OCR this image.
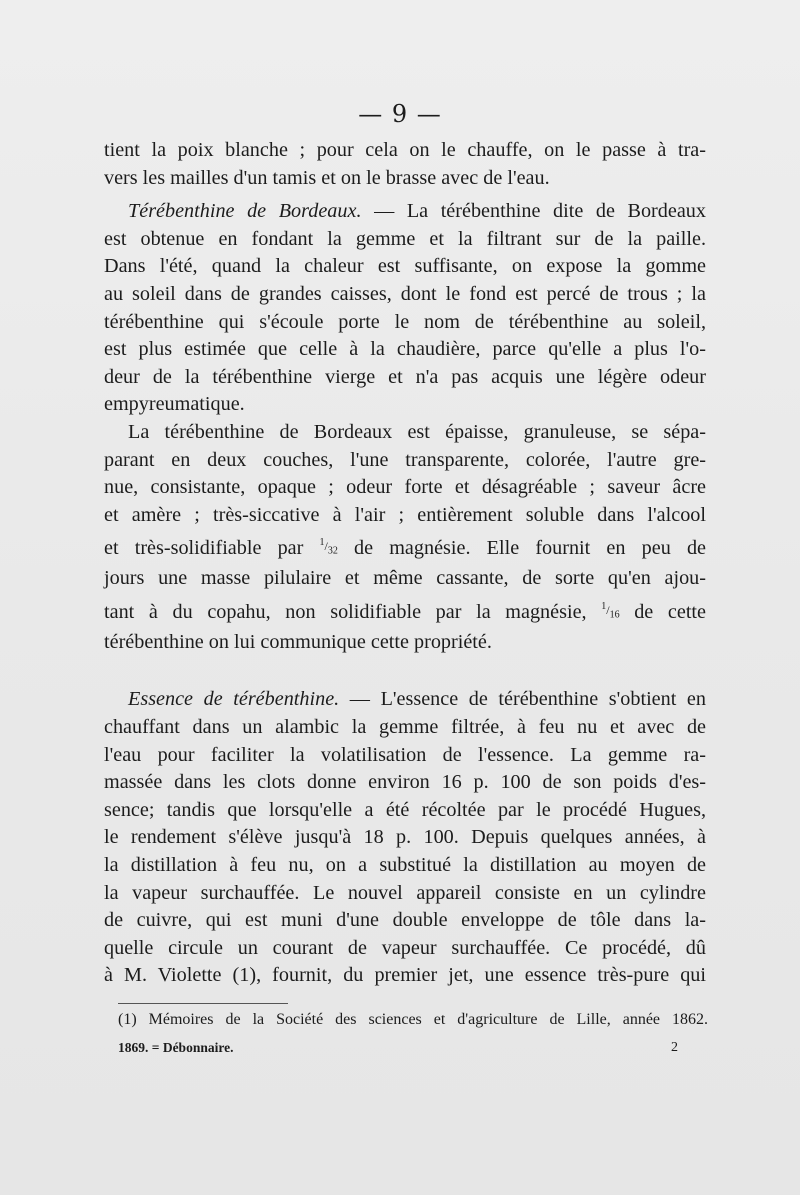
— 9 —

tient la poix blanche ; pour cela on le chauffe, on le passe à tra-
vers les mailles d'un tamis et on le brasse avec de l'eau.

Térébenthine de Bordeaux. — La térébenthine dite de Bordeaux
est obtenue en fondant la gemme et la filtrant sur de la paille.
Dans l'été, quand la chaleur est suffisante, on expose la gomme
au soleil dans de grandes caisses, dont le fond est percé de trous ; la
térébenthine qui s'écoule porte le nom de térébenthine au soleil,
est plus estimée que celle à la chaudière, parce qu'elle a plus l'o-
deur de la térébenthine vierge et n'a pas acquis une légère odeur
empyreumatique.

La térébenthine de Bordeaux est épaisse, granuleuse, se sépa-
parant en deux couches, l'une transparente, colorée, l'autre gre-
nue, consistante, opaque ; odeur forte et désagréable ; saveur âcre
et amère ; très-siccative à l'air ; entièrement soluble dans l'alcool
et très-solidifiable par $^1/_{32}$ de magnésie. Elle fournit en peu de
jours une masse pilulaire et même cassante, de sorte qu'en ajou-
tant à du copahu, non solidifiable par la magnésie, $^1/_{16}$ de cette
térébenthine on lui communique cette propriété.

Essence de térébenthine. — L'essence de térébenthine s'obtient en
chauffant dans un alambic la gemme filtrée, à feu nu et avec de
l'eau pour faciliter la volatilisation de l'essence. La gemme ra-
massée dans les clots donne environ 16 p. 100 de son poids d'es-
sence; tandis que lorsqu'elle a été récoltée par le procédé Hugues,
le rendement s'élève jusqu'à 18 p. 100. Depuis quelques années, à
la distillation à feu nu, on a substitué la distillation au moyen de
la vapeur surchauffée. Le nouvel appareil consiste en un cylindre
de cuivre, qui est muni d'une double enveloppe de tôle dans la-
quelle circule un courant de vapeur surchauffée. Ce procédé, dû
à M. Violette (1), fournit, du premier jet, une essence très-pure qui

(1) Mémoires de la Société des sciences et d'agriculture de Lille, année 1862.
1869. = Débonnaire.	2
